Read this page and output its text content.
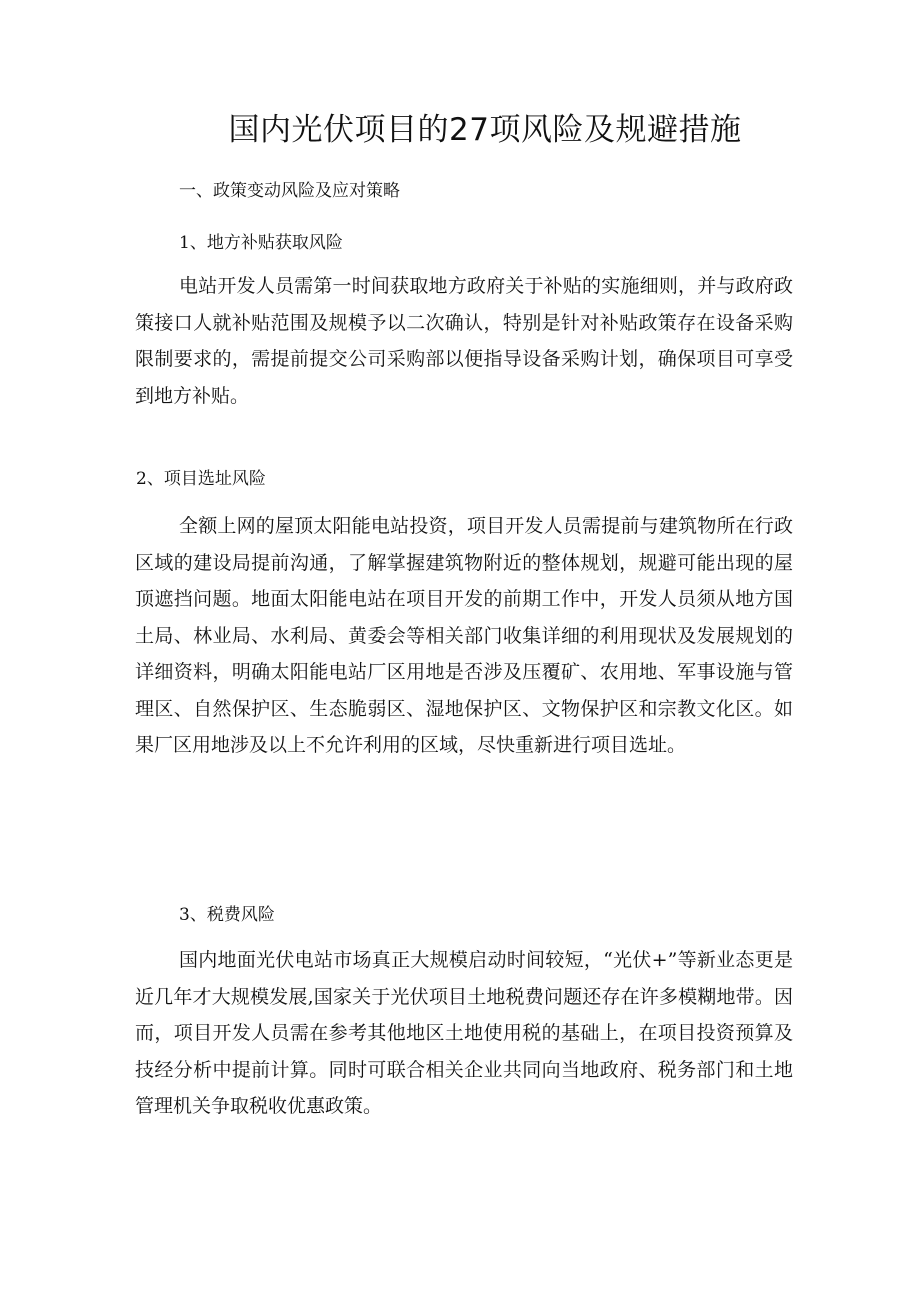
国内光伏项目的27项风险及规避措施
一、政策变动风险及应对策略
1、地方补贴获取风险

电站开发人员需第一时间获取地方政府关于补贴的实施细则，并与政府政策接口人就补贴范围及规模予以二次确认，特别是针对补贴政策存在设备采购限制要求的，需提前提交公司采购部以便指导设备采购计划，确保项目可享受到地方补贴。

2、项目选址风险

全额上网的屋顶太阳能电站投资，项目开发人员需提前与建筑物所在行政区域的建设局提前沟通，了解掌握建筑物附近的整体规划，规避可能出现的屋顶遮挡问题。地面太阳能电站在项目开发的前期工作中，开发人员须从地方国土局、林业局、水利局、黄委会等相关部门收集详细的利用现状及发展规划的详细资料，明确太阳能电站厂区用地是否涉及压覆矿、农用地、军事设施与管理区、自然保护区、生态脆弱区、湿地保护区、文物保护区和宗教文化区。如果厂区用地涉及以上不允许利用的区域，尽快重新进行项目选址。

3、税费风险

国内地面光伏电站市场真正大规模启动时间较短，“光伏+”等新业态更是近几年才大规模发展,国家关于光伏项目土地税费问题还存在许多模糊地带。因而，项目开发人员需在参考其他地区土地使用税的基础上，在项目投资预算及技经分析中提前计算。同时可联合相关企业共同向当地政府、税务部门和土地管理机关争取税收优惠政策。
